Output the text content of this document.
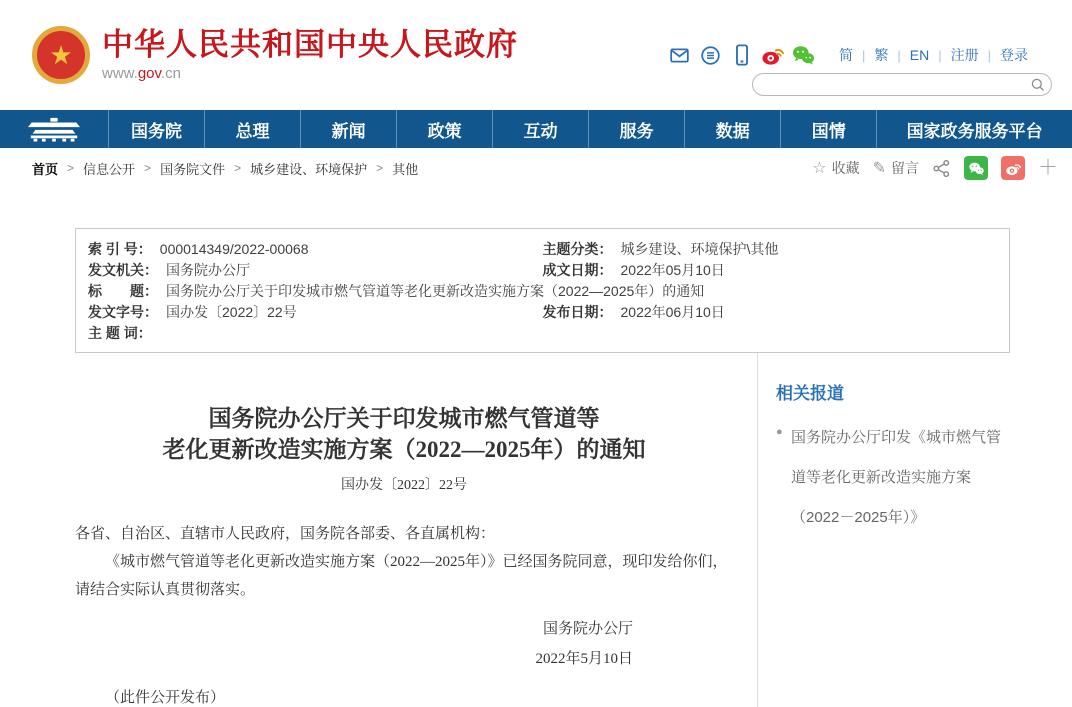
★ 中华人民共和国中央人民政府
www.gov.cn
简 | 繁 | EN | 注册 | 登录
国务院	总理	新闻	政策	互动	服务	数据	国情	国家政务服务平台
首页 > 信息公开 > 国务院文件 > 城乡建设、环境保护 > 其他	☆ 收藏 ✎ 留言	＋
索 引 号： 000014349/2022-00068	主题分类： 城乡建设、环境保护\其他
发文机关： 国务院办公厅	成文日期： 2022年05月10日
标　　题： 国务院办公厅关于印发城市燃气管道等老化更新改造实施方案（2022—2025年）的通知
发文字号： 国办发〔2022〕22号	发布日期： 2022年06月10日
主 题 词：
国务院办公厅关于印发城市燃气管道等
老化更新改造实施方案（2022—2025年）的通知
国办发〔2022〕22号

各省、自治区、直辖市人民政府，国务院各部委、各直属机构：

《城市燃气管道等老化更新改造实施方案（2022—2025年）》已经国务院同意，现印发给你们，请结合实际认真贯彻落实。

国务院办公厅
2022年5月10日
（此件公开发布）
相关报道
● 国务院办公厅印发《城市燃气管道等老化更新改造实施方案（2022－2025年）》
